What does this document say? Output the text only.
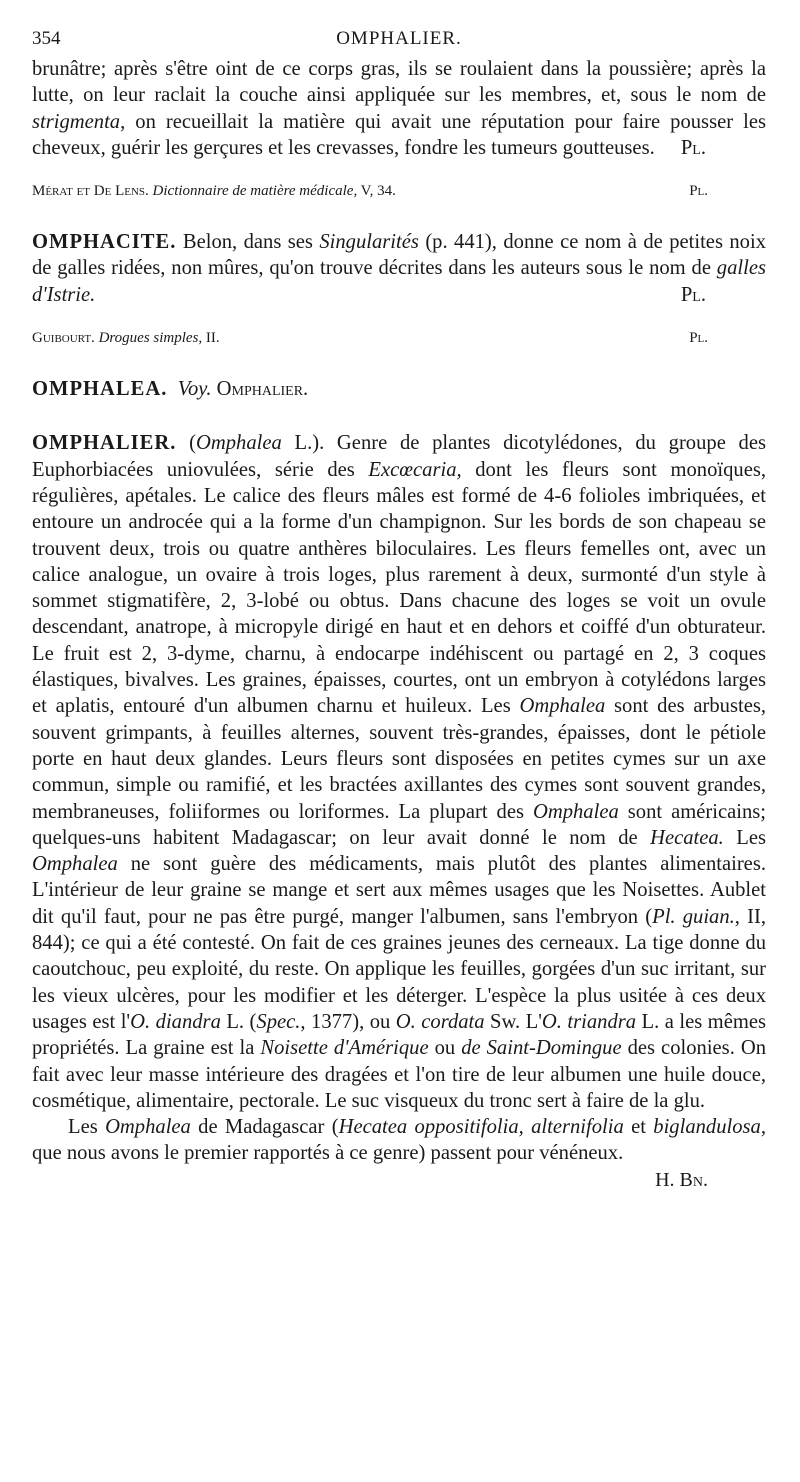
354	OMPHALIER.

brunâtre; après s'être oint de ce corps gras, ils se roulaient dans la poussière; après la lutte, on leur raclait la couche ainsi appliquée sur les membres, et, sous le nom de strigmenta, on recueillait la matière qui avait une réputation pour faire pousser les cheveux, guérir les gerçures et les crevasses, fondre les tumeurs goutteuses. Pl.

Mérat et De Lens. Dictionnaire de matière médicale, V, 34.	Pl.

OMPHACITE. Belon, dans ses Singularités (p. 441), donne ce nom à de petites noix de galles ridées, non mûres, qu'on trouve décrites dans les auteurs sous le nom de galles d'Istrie.	Pl.

Guibourt. Drogues simples, II.	Pl.

OMPHALEA. Voy. Omphalier.

OMPHALIER. (Omphalea L.). Genre de plantes dicotylédones, du groupe des Euphorbiacées uniovulées, série des Excœcaria, dont les fleurs sont monoïques, régulières, apétales. Le calice des fleurs mâles est formé de 4-6 folioles imbriquées, et entoure un androcée qui a la forme d'un champignon. Sur les bords de son chapeau se trouvent deux, trois ou quatre anthères biloculaires. Les fleurs femelles ont, avec un calice analogue, un ovaire à trois loges, plus rarement à deux, surmonté d'un style à sommet stigmatifère, 2, 3-lobé ou obtus. Dans chacune des loges se voit un ovule descendant, anatrope, à micropyle dirigé en haut et en dehors et coiffé d'un obturateur. Le fruit est 2, 3-dyme, charnu, à endocarpe indéhiscent ou partagé en 2, 3 coques élastiques, bivalves. Les graines, épaisses, courtes, ont un embryon à cotylédons larges et aplatis, entouré d'un albumen charnu et huileux. Les Omphalea sont des arbustes, souvent grimpants, à feuilles alternes, souvent très-grandes, épaisses, dont le pétiole porte en haut deux glandes. Leurs fleurs sont disposées en petites cymes sur un axe commun, simple ou ramifié, et les bractées axillantes des cymes sont souvent grandes, membraneuses, foliiformes ou loriformes. La plupart des Omphalea sont américains; quelques-uns habitent Madagascar; on leur avait donné le nom de Hecatea. Les Omphalea ne sont guère des médicaments, mais plutôt des plantes alimentaires. L'intérieur de leur graine se mange et sert aux mêmes usages que les Noisettes. Aublet dit qu'il faut, pour ne pas être purgé, manger l'albumen, sans l'embryon (Pl. guian., II, 844); ce qui a été contesté. On fait de ces graines jeunes des cerneaux. La tige donne du caoutchouc, peu exploité, du reste. On applique les feuilles, gorgées d'un suc irritant, sur les vieux ulcères, pour les modifier et les déterger. L'espèce la plus usitée à ces deux usages est l'O. diandra L. (Spec., 1377), ou O. cordata Sw. L'O. triandra L. a les mêmes propriétés. La graine est la Noisette d'Amérique ou de Saint-Domingue des colonies. On fait avec leur masse intérieure des dragées et l'on tire de leur albumen une huile douce, cosmétique, alimentaire, pectorale. Le suc visqueux du tronc sert à faire de la glu.

Les Omphalea de Madagascar (Hecatea oppositifolia, alternifolia et biglandulosa, que nous avons le premier rapportés à ce genre) passent pour vénéneux.

H. Bn.
